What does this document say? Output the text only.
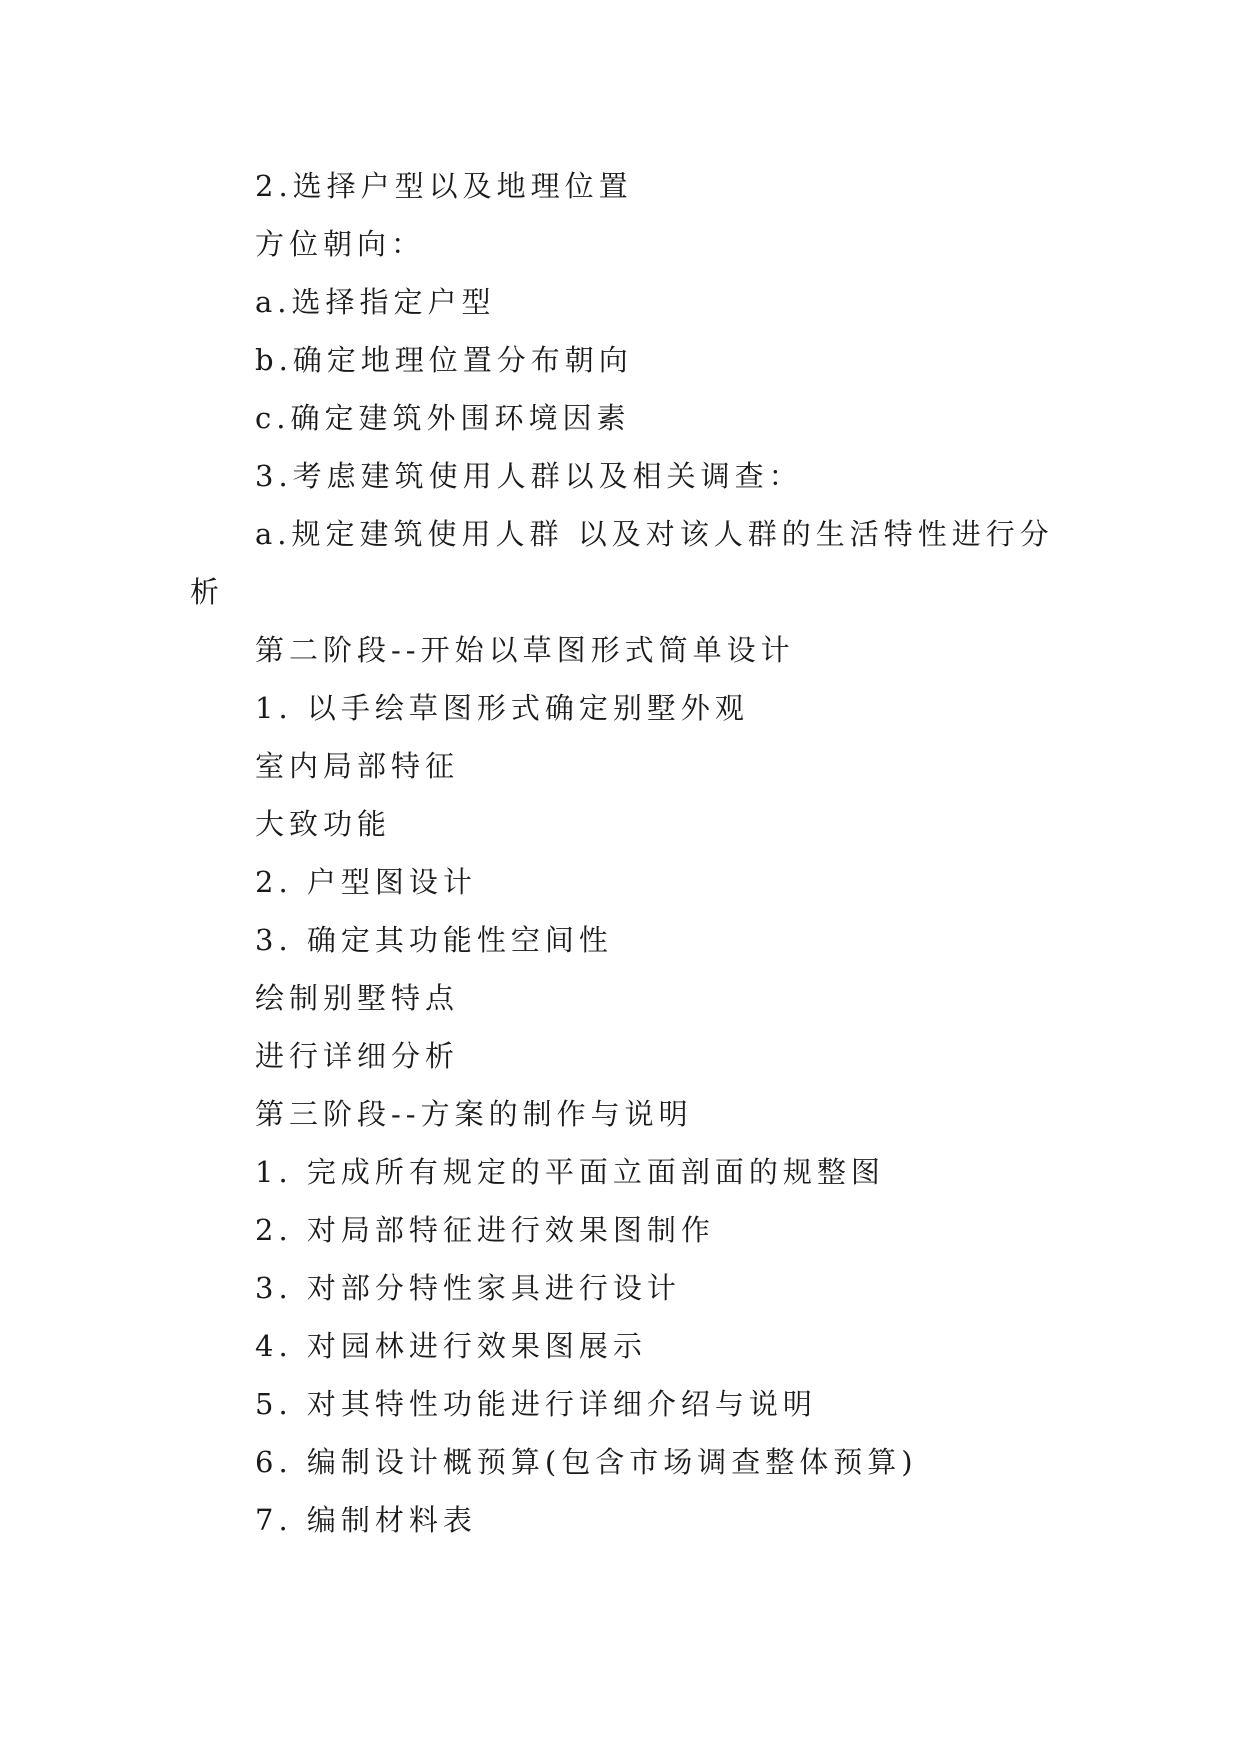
2.选择户型以及地理位置
方位朝向：
a.选择指定户型
b.确定地理位置分布朝向
c.确定建筑外围环境因素
3.考虑建筑使用人群以及相关调查：
a.规定建筑使用人群 以及对该人群的生活特性进行分
析
第二阶段--开始以草图形式简单设计
1. 以手绘草图形式确定别墅外观
室内局部特征
大致功能
2. 户型图设计
3. 确定其功能性空间性
绘制别墅特点
进行详细分析
第三阶段--方案的制作与说明
1. 完成所有规定的平面立面剖面的规整图
2. 对局部特征进行效果图制作
3. 对部分特性家具进行设计
4. 对园林进行效果图展示
5. 对其特性功能进行详细介绍与说明
6. 编制设计概预算(包含市场调查整体预算)
7. 编制材料表
